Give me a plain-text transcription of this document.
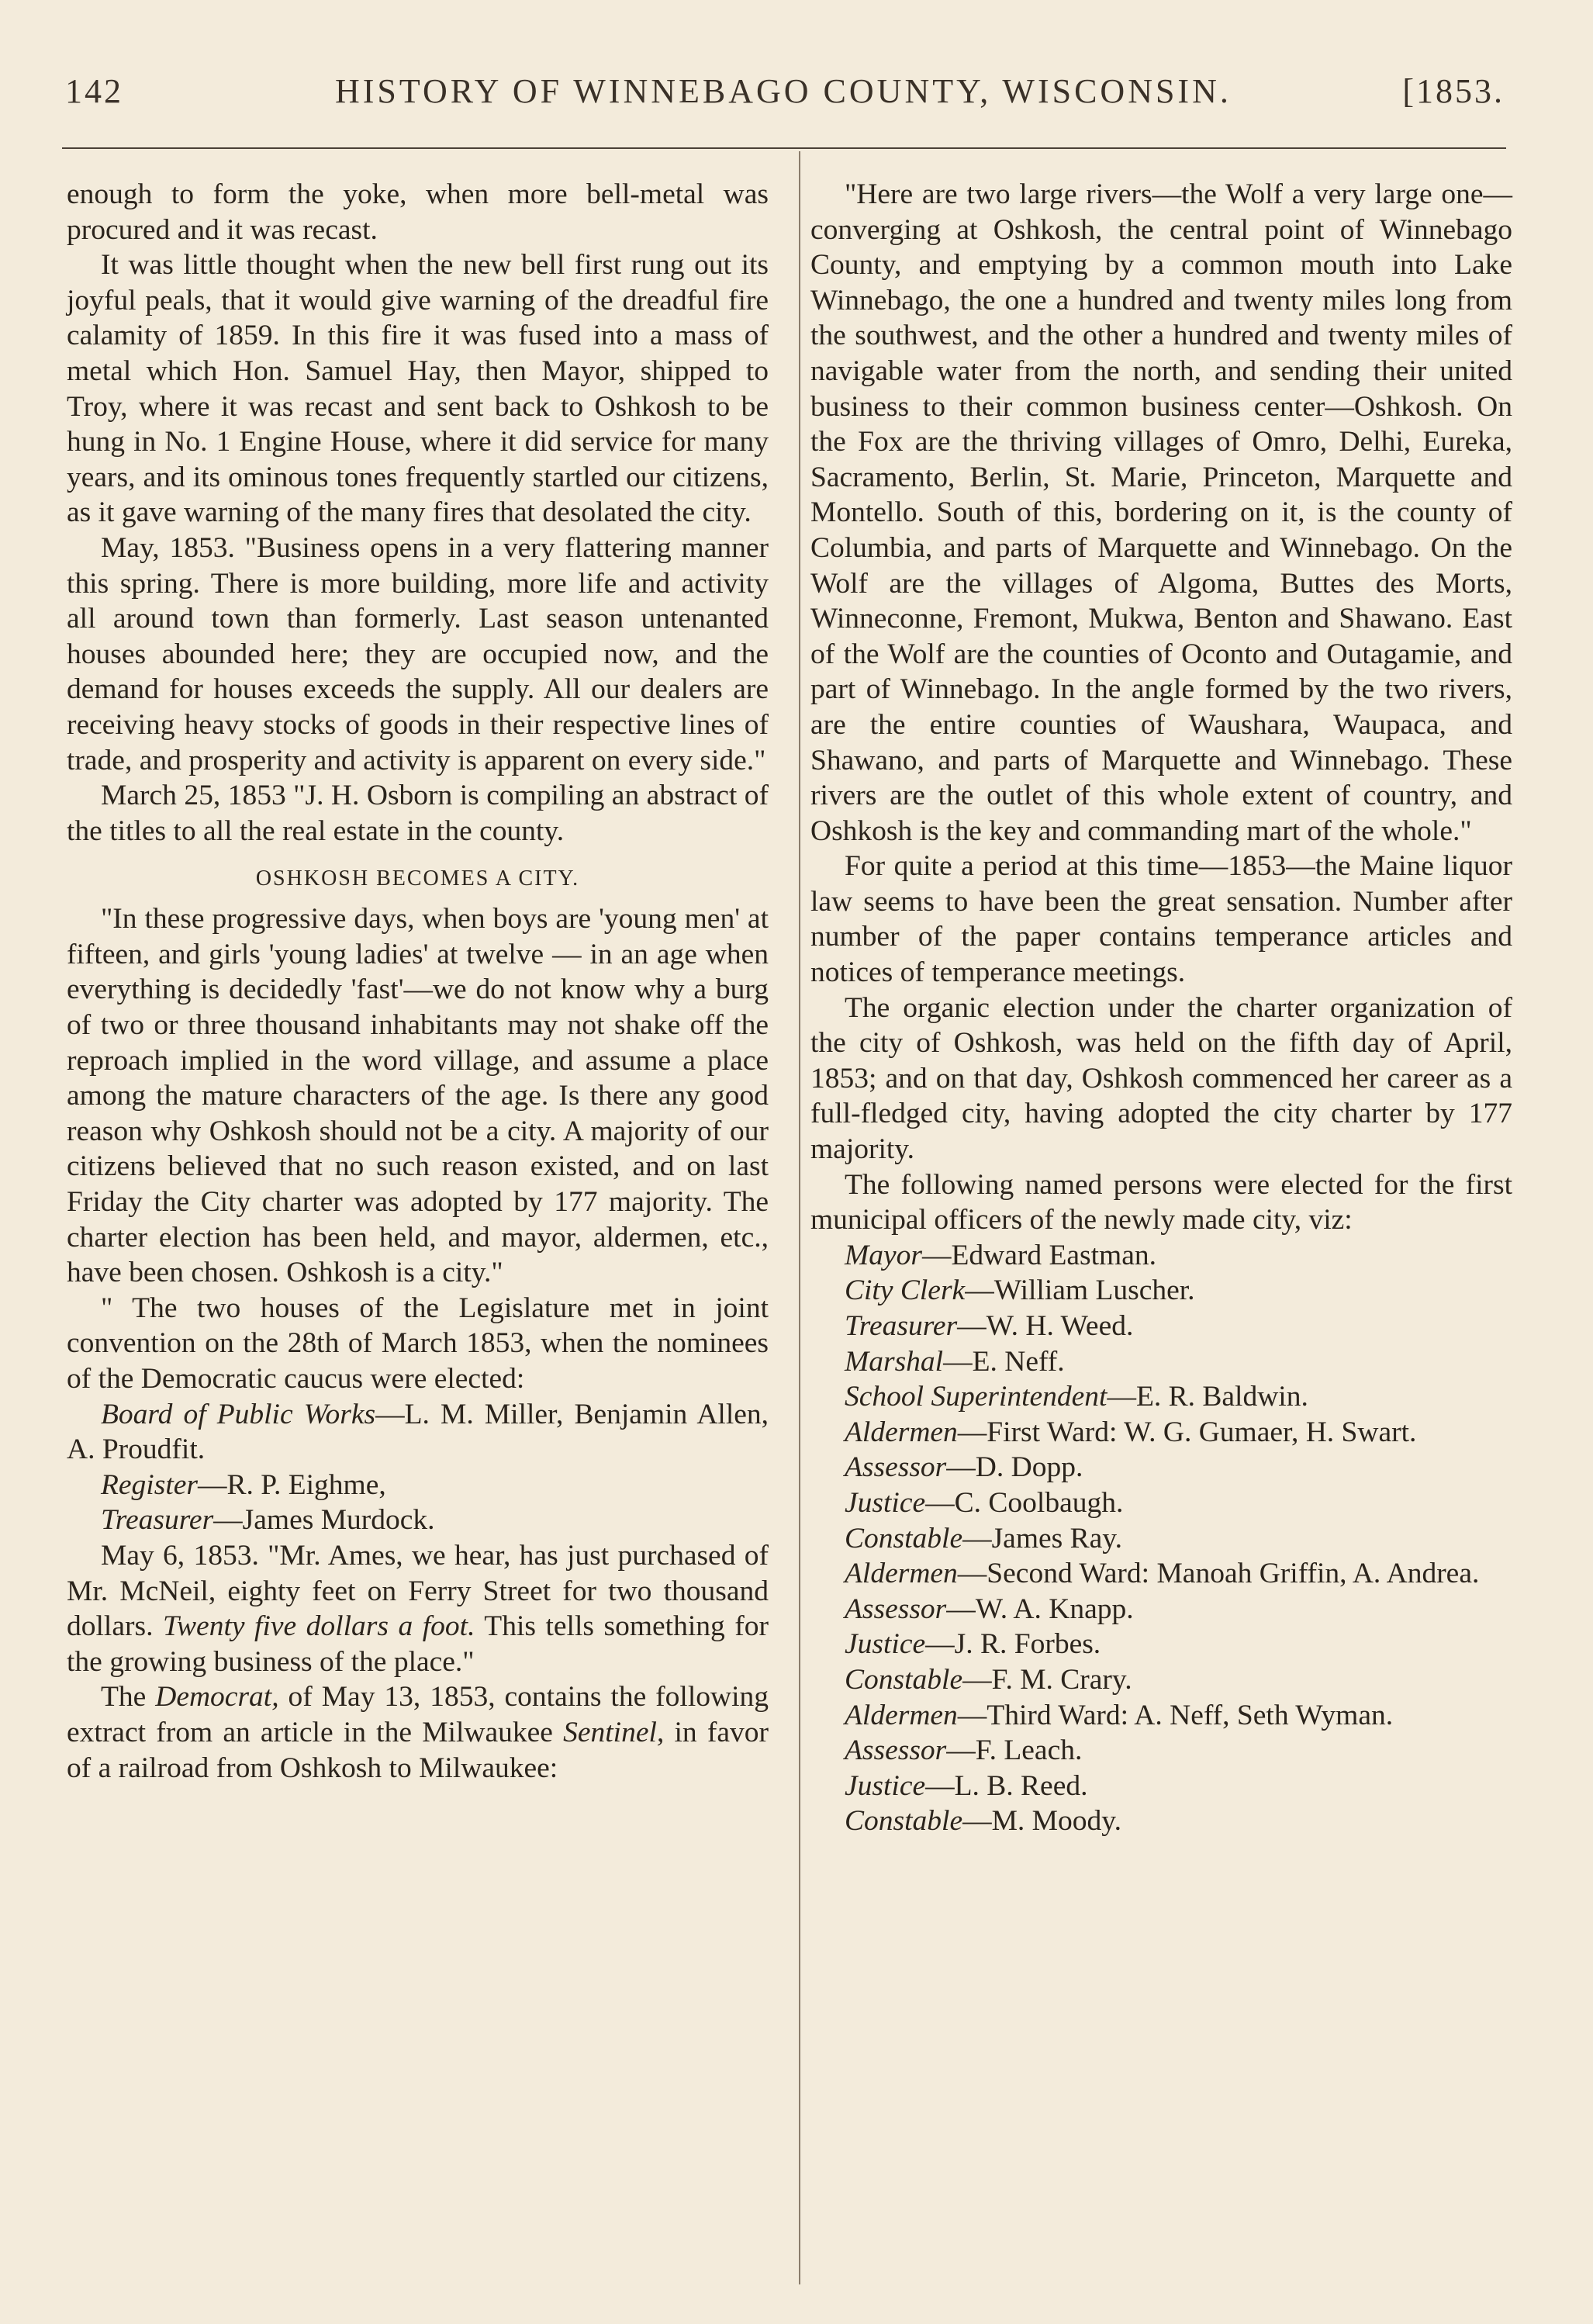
142	HISTORY OF WINNEBAGO COUNTY, WISCONSIN.	[1853.

enough to form the yoke, when more bell-metal was procured and it was recast.

It was little thought when the new bell first rung out its joyful peals, that it would give warning of the dreadful fire calamity of 1859. In this fire it was fused into a mass of metal which Hon. Samuel Hay, then Mayor, shipped to Troy, where it was recast and sent back to Oshkosh to be hung in No. 1 Engine House, where it did service for many years, and its ominous tones frequently startled our citizens, as it gave warning of the many fires that desolated the city.

May, 1853. "Business opens in a very flattering manner this spring. There is more building, more life and activity all around town than formerly. Last season untenanted houses abounded here; they are occupied now, and the demand for houses exceeds the supply. All our dealers are receiving heavy stocks of goods in their respective lines of trade, and prosperity and activity is apparent on every side."

March 25, 1853 "J. H. Osborn is compiling an abstract of the titles to all the real estate in the county.

OSHKOSH BECOMES A CITY.

"In these progressive days, when boys are 'young men' at fifteen, and girls 'young ladies' at twelve — in an age when everything is decidedly 'fast'—we do not know why a burg of two or three thousand inhabitants may not shake off the reproach implied in the word village, and assume a place among the mature characters of the age. Is there any good reason why Oshkosh should not be a city. A majority of our citizens believed that no such reason existed, and on last Friday the City charter was adopted by 177 majority. The charter election has been held, and mayor, aldermen, etc., have been chosen. Oshkosh is a city."

" The two houses of the Legislature met in joint convention on the 28th of March 1853, when the nominees of the Democratic caucus were elected:

Board of Public Works—L. M. Miller, Benjamin Allen, A. Proudfit.

Register—R. P. Eighme,

Treasurer—James Murdock.

May 6, 1853. "Mr. Ames, we hear, has just purchased of Mr. McNeil, eighty feet on Ferry Street for two thousand dollars. Twenty five dollars a foot. This tells something for the growing business of the place."

The Democrat, of May 13, 1853, contains the following extract from an article in the Milwaukee Sentinel, in favor of a railroad from Oshkosh to Milwaukee:

"Here are two large rivers—the Wolf a very large one—converging at Oshkosh, the central point of Winnebago County, and emptying by a common mouth into Lake Winnebago, the one a hundred and twenty miles long from the southwest, and the other a hundred and twenty miles of navigable water from the north, and sending their united business to their common business center—Oshkosh. On the Fox are the thriving villages of Omro, Delhi, Eureka, Sacramento, Berlin, St. Marie, Princeton, Marquette and Montello. South of this, bordering on it, is the county of Columbia, and parts of Marquette and Winnebago. On the Wolf are the villages of Algoma, Buttes des Morts, Winneconne, Fremont, Mukwa, Benton and Shawano. East of the Wolf are the counties of Oconto and Outagamie, and part of Winnebago. In the angle formed by the two rivers, are the entire counties of Waushara, Waupaca, and Shawano, and parts of Marquette and Winnebago. These rivers are the outlet of this whole extent of country, and Oshkosh is the key and commanding mart of the whole."

For quite a period at this time—1853—the Maine liquor law seems to have been the great sensation. Number after number of the paper contains temperance articles and notices of temperance meetings.

The organic election under the charter organization of the city of Oshkosh, was held on the fifth day of April, 1853; and on that day, Oshkosh commenced her career as a full-fledged city, having adopted the city charter by 177 majority.

The following named persons were elected for the first municipal officers of the newly made city, viz:

Mayor—Edward Eastman.

City Clerk—William Luscher.

Treasurer—W. H. Weed.

Marshal—E. Neff.

School Superintendent—E. R. Baldwin.

Aldermen—First Ward: W. G. Gumaer, H. Swart.

Assessor—D. Dopp.

Justice—C. Coolbaugh.

Constable—James Ray.

Aldermen—Second Ward: Manoah Griffin, A. Andrea.

Assessor—W. A. Knapp.

Justice—J. R. Forbes.

Constable—F. M. Crary.

Aldermen—Third Ward: A. Neff, Seth Wyman.

Assessor—F. Leach.

Justice—L. B. Reed.

Constable—M. Moody.
